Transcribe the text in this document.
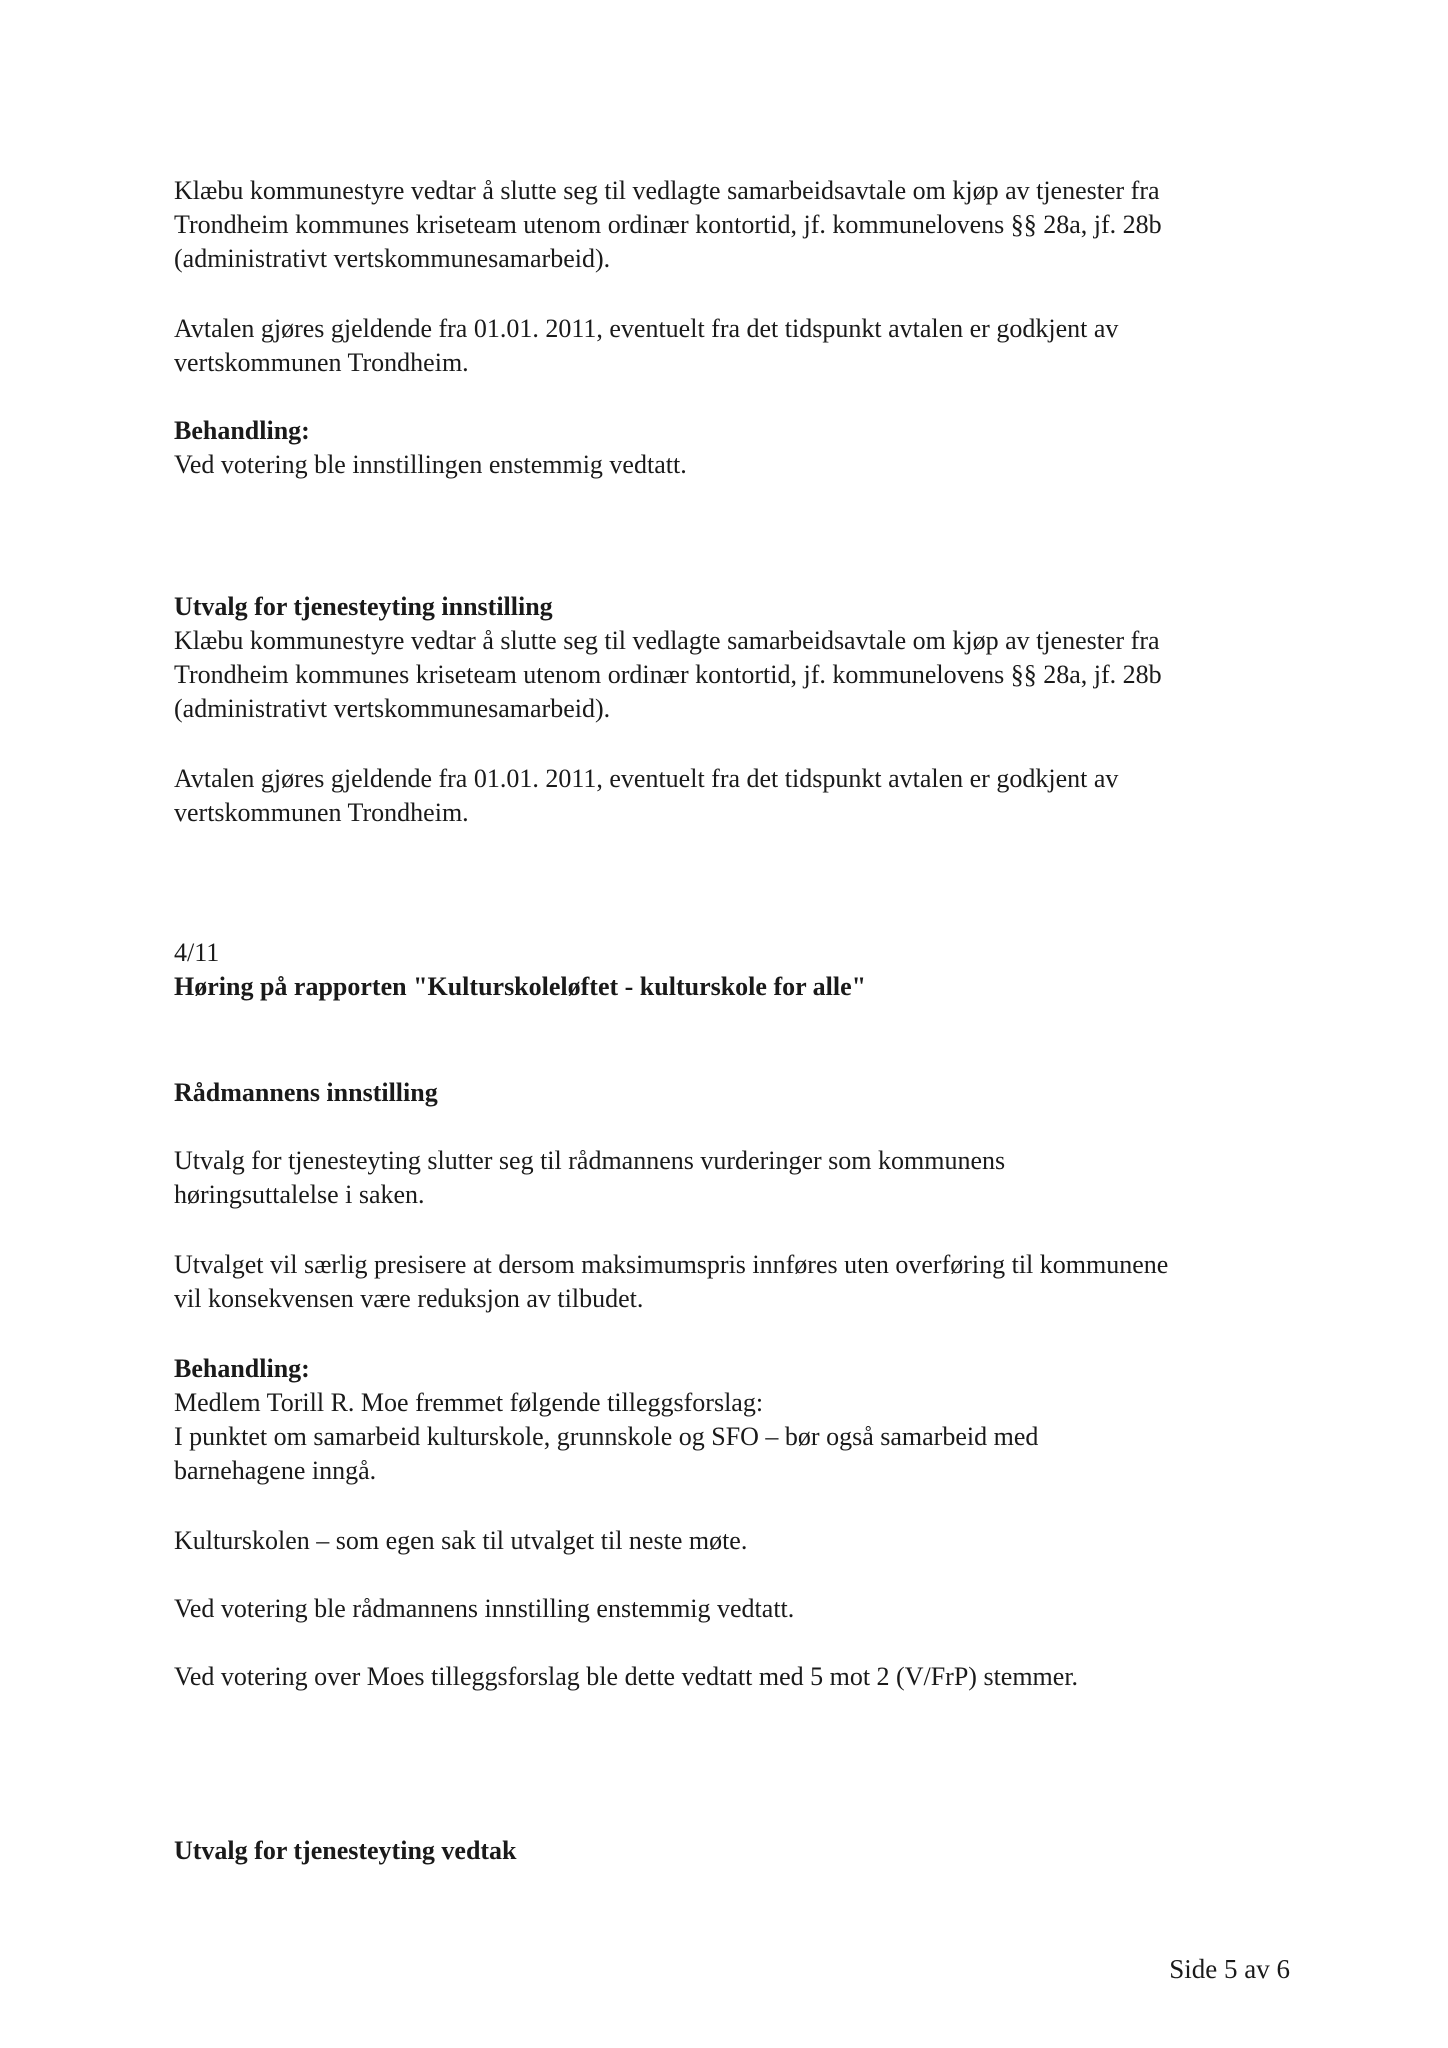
Klæbu kommunestyre vedtar å slutte seg til vedlagte samarbeidsavtale om kjøp av tjenester fra
Trondheim kommunes kriseteam utenom ordinær kontortid, jf. kommunelovens §§ 28a, jf. 28b
(administrativt vertskommunesamarbeid).

Avtalen gjøres gjeldende fra 01.01. 2011, eventuelt fra det tidspunkt avtalen er godkjent av
vertskommunen Trondheim.

Behandling:
Ved votering ble innstillingen enstemmig vedtatt.

Utvalg for tjenesteyting innstilling
Klæbu kommunestyre vedtar å slutte seg til vedlagte samarbeidsavtale om kjøp av tjenester fra
Trondheim kommunes kriseteam utenom ordinær kontortid, jf. kommunelovens §§ 28a, jf. 28b
(administrativt vertskommunesamarbeid).

Avtalen gjøres gjeldende fra 01.01. 2011, eventuelt fra det tidspunkt avtalen er godkjent av
vertskommunen Trondheim.

4/11
Høring på rapporten "Kulturskoleløftet - kulturskole for alle"

Rådmannens innstilling

Utvalg for tjenesteyting slutter seg til rådmannens vurderinger som kommunens
høringsuttalelse i saken.

Utvalget vil særlig presisere at dersom maksimumspris innføres uten overføring til kommunene
vil konsekvensen være reduksjon av tilbudet.

Behandling:
Medlem Torill R. Moe fremmet følgende tilleggsforslag:
I punktet om samarbeid kulturskole, grunnskole og SFO – bør også samarbeid med
barnehagene inngå.

Kulturskolen – som egen sak til utvalget til neste møte.

Ved votering ble rådmannens innstilling enstemmig vedtatt.

Ved votering over Moes tilleggsforslag ble dette vedtatt med 5 mot 2 (V/FrP) stemmer.

Utvalg for tjenesteyting vedtak

Side 5 av 6
